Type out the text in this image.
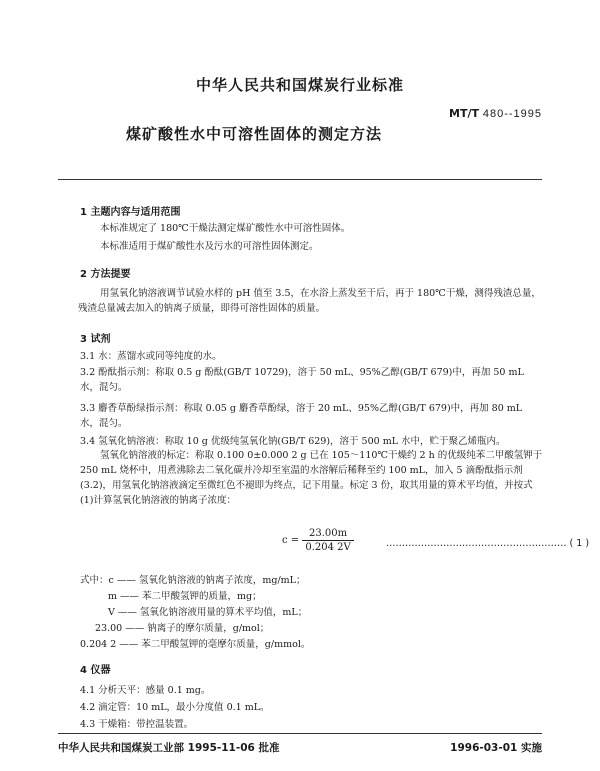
中华人民共和国煤炭行业标准
MT/T 480--1995
煤矿酸性水中可溶性固体的测定方法
1 主题内容与适用范围
本标准规定了 180℃干燥法测定煤矿酸性水中可溶性固体。
本标准适用于煤矿酸性水及污水的可溶性固体测定。
2 方法提要
用氢氧化钠溶液调节试验水样的 pH 值至 3.5，在水浴上蒸发至干后，再于 180℃干燥，测得残渣总量，残渣总量减去加入的钠离子质量，即得可溶性固体的质量。
3 试剂
3.1 水：蒸馏水或同等纯度的水。
3.2 酚酞指示剂：称取 0.5 g 酚酞(GB/T 10729)，溶于 50 mL、95%乙醇(GB/T 679)中，再加 50 mL 水，混匀。
3.3 麝香草酚绿指示剂：称取 0.05 g 麝香草酚绿，溶于 20 mL、95%乙醇(GB/T 679)中，再加 80 mL 水，混匀。
3.4 氢氧化钠溶液：称取 10 g 优级纯氢氧化钠(GB/T 629)，溶于 500 mL 水中，贮于聚乙烯瓶内。
氢氧化钠溶液的标定：称取 0.100 0±0.000 2 g 已在 105～110℃干燥约 2 h 的优级纯苯二甲酸氢钾于 250 mL 烧杯中，用煮沸除去二氧化碳并冷却至室温的水溶解后稀释至约 100 mL，加入 5 滴酚酞指示剂(3.2)，用氢氧化钠溶液滴定至微红色不褪即为终点，记下用量。标定 3 份，取其用量的算术平均值，并按式(1)计算氢氧化钠溶液的钠离子浓度：
$c = \frac{23.00m}{0.204 2V}$	………………………………………………… ( 1 )
式中：c —— 氢氧化钠溶液的钠离子浓度，mg/mL；
m —— 苯二甲酸氢钾的质量，mg；
V —— 氢氧化钠溶液用量的算术平均值，mL；
23.00 —— 钠离子的摩尔质量，g/mol；
0.204 2 —— 苯二甲酸氢钾的毫摩尔质量，g/mmol。
4 仪器
4.1 分析天平：感量 0.1 mg。
4.2 滴定管：10 mL，最小分度值 0.1 mL。
4.3 干燥箱：带控温装置。
中华人民共和国煤炭工业部 1995-11-06 批准	1996-03-01 实施
